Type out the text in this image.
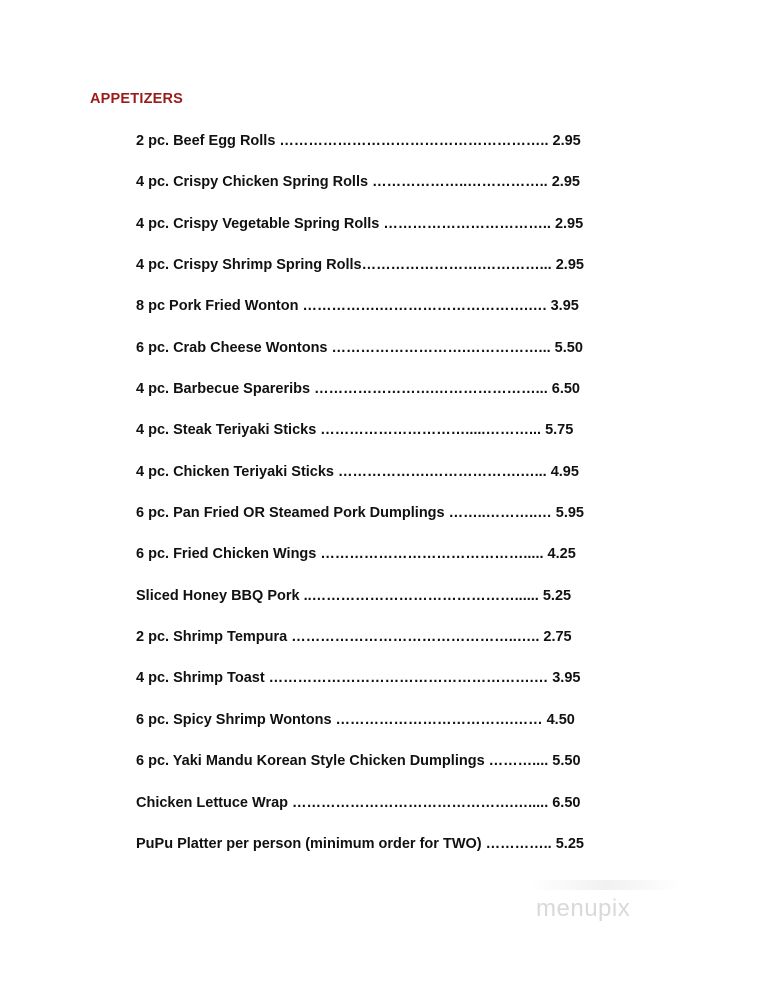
APPETIZERS
2 pc. Beef Egg Rolls ……………………………………………….. 2.95
4 pc. Crispy Chicken Spring Rolls ………………..…………….. 2.95
4 pc. Crispy Vegetable Spring Rolls …………………………….. 2.95
4 pc. Crispy Shrimp Spring Rolls…………………….…………... 2.95
8 pc Pork Fried Wonton …………….………………………….…. 3.95
6 pc. Crab Cheese Wontons ……………………….……………... 5.50
4 pc. Barbecue Spareribs …………………….…………………... 6.50
4 pc. Steak Teriyaki Sticks ………………………….....………... 5.75
4 pc. Chicken Teriyaki Sticks ……………….……………….…... 4.95
6 pc. Pan Fried OR Steamed Pork Dumplings ……..………..… 5.95
6 pc. Fried Chicken Wings ……………………………………..... 4.25
Sliced Honey BBQ Pork ..……………………………………...... 5.25
2 pc. Shrimp Tempura ………………………………………..….. 2.75
4 pc. Shrimp Toast ……………………………………………….… 3.95
6 pc. Spicy Shrimp Wontons ……………………………….…… 4.50
6 pc. Yaki Mandu Korean Style Chicken Dumplings ……….... 5.50
Chicken Lettuce Wrap ……………………………………….…..... 6.50
PuPu Platter per person (minimum order for TWO) ………….. 5.25
menupix
